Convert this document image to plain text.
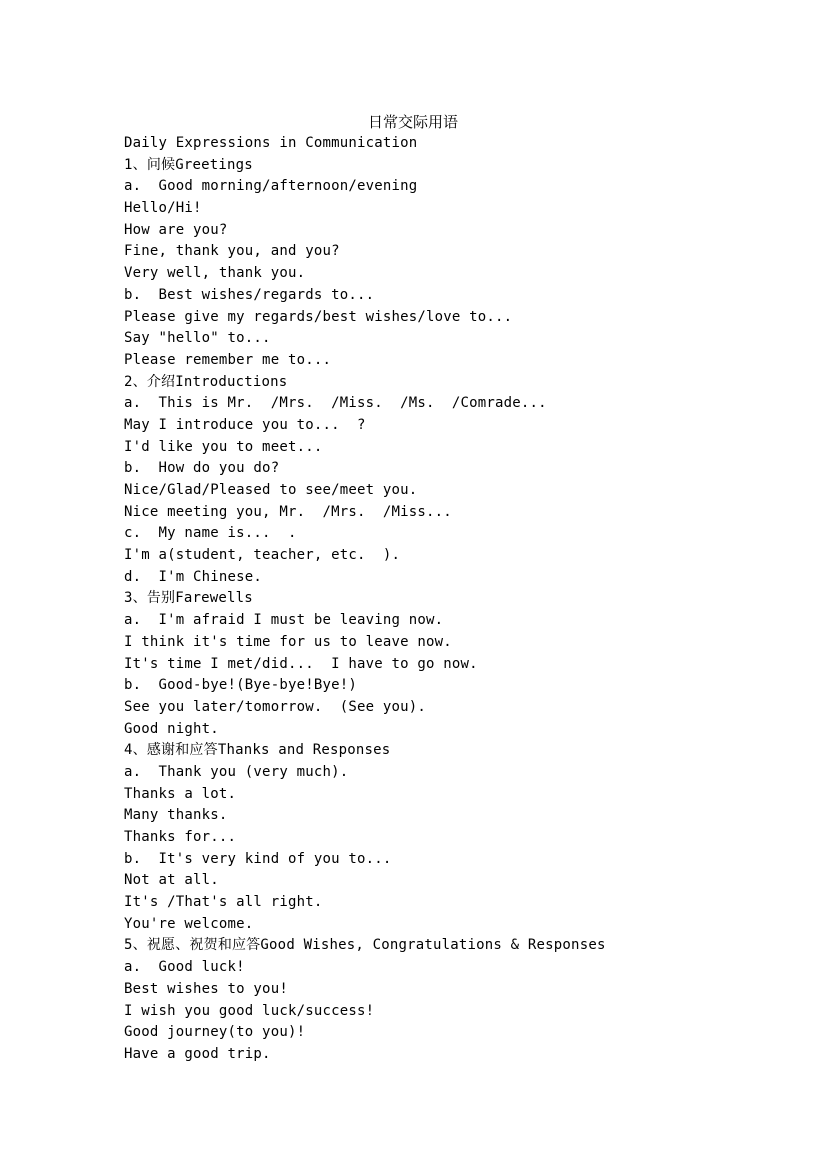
日常交际用语
Daily Expressions in Communication
1、问候Greetings
a.  Good morning/afternoon/evening
Hello/Hi!
How are you?
Fine, thank you, and you?
Very well, thank you.
b.  Best wishes/regards to...
Please give my regards/best wishes/love to...
Say "hello" to...
Please remember me to...
2、介绍Introductions
a.  This is Mr.  /Mrs.  /Miss.  /Ms.  /Comrade...
May I introduce you to...  ?
I'd like you to meet...
b.  How do you do?
Nice/Glad/Pleased to see/meet you.
Nice meeting you, Mr.  /Mrs.  /Miss...
c.  My name is...  .
I'm a(student, teacher, etc.  ).
d.  I'm Chinese.
3、告别Farewells
a.  I'm afraid I must be leaving now.
I think it's time for us to leave now.
It's time I met/did...  I have to go now.
b.  Good-bye!(Bye-bye!Bye!)
See you later/tomorrow.  (See you).
Good night.
4、感谢和应答Thanks and Responses
a.  Thank you (very much).
Thanks a lot.
Many thanks.
Thanks for...
b.  It's very kind of you to...
Not at all.
It's /That's all right.
You're welcome.
5、祝愿、祝贺和应答Good Wishes, Congratulations & Responses
a.  Good luck!
Best wishes to you!
I wish you good luck/success!
Good journey(to you)!
Have a good trip.
